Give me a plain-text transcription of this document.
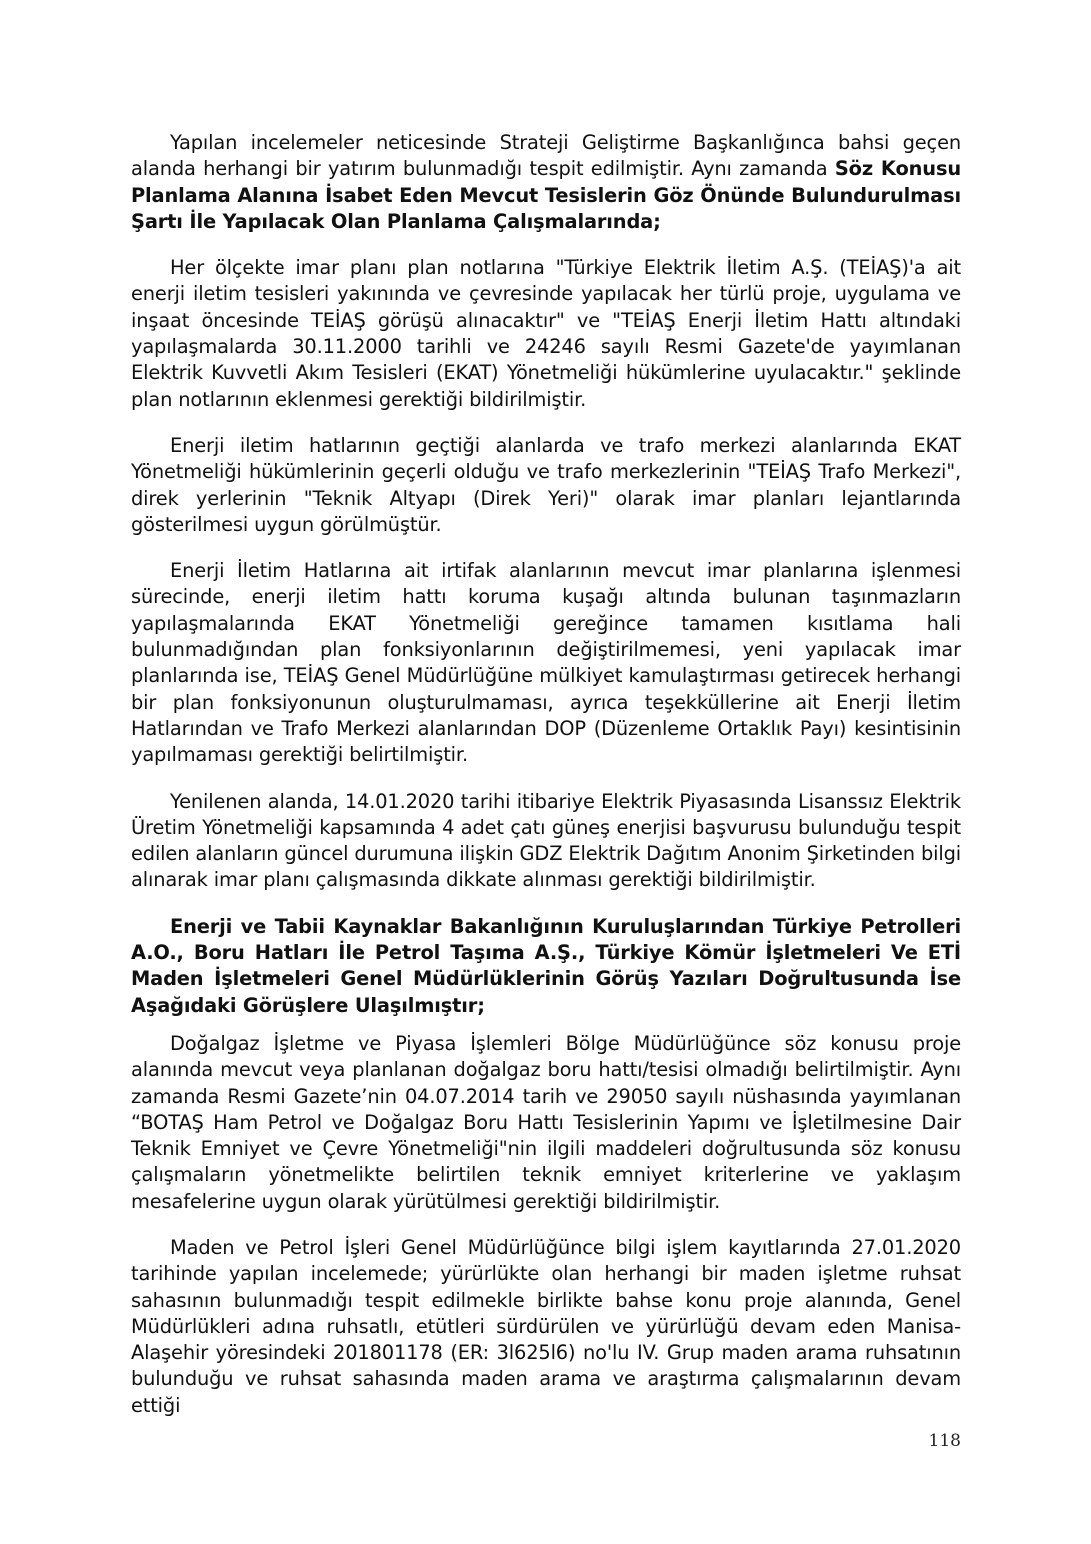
Yapılan incelemeler neticesinde Strateji Geliştirme Başkanlığınca bahsi geçen alanda herhangi bir yatırım bulunmadığı tespit edilmiştir. Aynı zamanda Söz Konusu Planlama Alanına İsabet Eden Mevcut Tesislerin Göz Önünde Bulundurulması Şartı İle Yapılacak Olan Planlama Çalışmalarında;

Her ölçekte imar planı plan notlarına "Türkiye Elektrik İletim A.Ş. (TEİAŞ)'a ait enerji iletim tesisleri yakınında ve çevresinde yapılacak her türlü proje, uygulama ve inşaat öncesinde TEİAŞ görüşü alınacaktır" ve "TEİAŞ Enerji İletim Hattı altındaki yapılaşmalarda 30.11.2000 tarihli ve 24246 sayılı Resmi Gazete'de yayımlanan Elektrik Kuvvetli Akım Tesisleri (EKAT) Yönetmeliği hükümlerine uyulacaktır." şeklinde plan notlarının eklenmesi gerektiği bildirilmiştir.

Enerji iletim hatlarının geçtiği alanlarda ve trafo merkezi alanlarında EKAT Yönetmeliği hükümlerinin geçerli olduğu ve trafo merkezlerinin "TEİAŞ Trafo Merkezi", direk yerlerinin "Teknik Altyapı (Direk Yeri)" olarak imar planları lejantlarında gösterilmesi uygun görülmüştür.

Enerji İletim Hatlarına ait irtifak alanlarının mevcut imar planlarına işlenmesi sürecinde, enerji iletim hattı koruma kuşağı altında bulunan taşınmazların yapılaşmalarında EKAT Yönetmeliği gereğince tamamen kısıtlama hali bulunmadığından plan fonksiyonlarının değiştirilmemesi, yeni yapılacak imar planlarında ise, TEİAŞ Genel Müdürlüğüne mülkiyet kamulaştırması getirecek herhangi bir plan fonksiyonunun oluşturulmaması, ayrıca teşekküllerine ait Enerji İletim Hatlarından ve Trafo Merkezi alanlarından DOP (Düzenleme Ortaklık Payı) kesintisinin yapılmaması gerektiği belirtilmiştir.

Yenilenen alanda, 14.01.2020 tarihi itibariye Elektrik Piyasasında Lisanssız Elektrik Üretim Yönetmeliği kapsamında 4 adet çatı güneş enerjisi başvurusu bulunduğu tespit edilen alanların güncel durumuna ilişkin GDZ Elektrik Dağıtım Anonim Şirketinden bilgi alınarak imar planı çalışmasında dikkate alınması gerektiği bildirilmiştir.

Enerji ve Tabii Kaynaklar Bakanlığının Kuruluşlarından Türkiye Petrolleri A.O., Boru Hatları İle Petrol Taşıma A.Ş., Türkiye Kömür İşletmeleri Ve ETİ Maden İşletmeleri Genel Müdürlüklerinin Görüş Yazıları Doğrultusunda İse Aşağıdaki Görüşlere Ulaşılmıştır;

Doğalgaz İşletme ve Piyasa İşlemleri Bölge Müdürlüğünce söz konusu proje alanında mevcut veya planlanan doğalgaz boru hattı/tesisi olmadığı belirtilmiştir. Aynı zamanda Resmi Gazete’nin 04.07.2014 tarih ve 29050 sayılı nüshasında yayımlanan “BOTAŞ Ham Petrol ve Doğalgaz Boru Hattı Tesislerinin Yapımı ve İşletilmesine Dair Teknik Emniyet ve Çevre Yönetmeliği"nin ilgili maddeleri doğrultusunda söz konusu çalışmaların yönetmelikte belirtilen teknik emniyet kriterlerine ve yaklaşım mesafelerine uygun olarak yürütülmesi gerektiği bildirilmiştir.

Maden ve Petrol İşleri Genel Müdürlüğünce bilgi işlem kayıtlarında 27.01.2020 tarihinde yapılan incelemede; yürürlükte olan herhangi bir maden işletme ruhsat sahasının bulunmadığı tespit edilmekle birlikte bahse konu proje alanında, Genel Müdürlükleri adına ruhsatlı, etütleri sürdürülen ve yürürlüğü devam eden Manisa-Alaşehir yöresindeki 201801178 (ER: 3l625l6) no'lu IV. Grup maden arama ruhsatının bulunduğu ve ruhsat sahasında maden arama ve araştırma çalışmalarının devam ettiği

118
